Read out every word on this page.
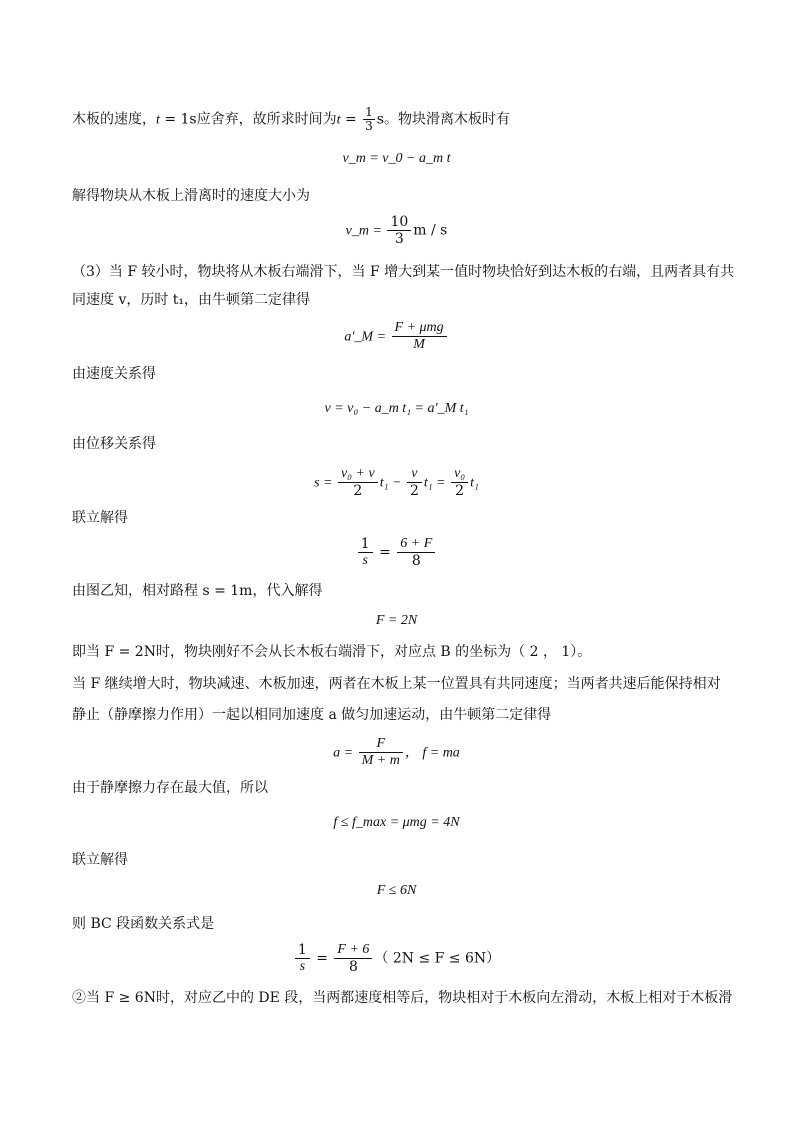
木板的速度，t = 1s应舍弃，故所求时间为$t = \frac{1}{3}$ s。物块滑离木板时有
v_m = v_0 − a_m t
解得物块从木板上滑离时的速度大小为
v_m = $\frac{10}{3}$ m / s
（3）当 F 较小时，物块将从木板右端滑下，当 F 增大到某一值时物块恰好到达木板的右端，且两者具有共
同速度 v，历时 t₁，由牛顿第二定律得
a′_M = $\frac{\text{F + μmg}}{M}$
由速度关系得
v = v₀ − a_m t₁ = a′_M t₁
由位移关系得
$s = \frac{\text{v₀ + v}}{2} t_1 - \frac{v}{2} t_1 = \frac{\text{v₀}}{2} t_1$
联立解得
$\frac{1}{s} = \frac{6 + F}{8}$
由图乙知，相对路程 s = 1m，代入解得
F = 2N
即当 F = 2N时，物块刚好不会从长木板右端滑下，对应点 B 的坐标为（ 2 ， 1）。
当 F 继续增大时，物块减速、木板加速，两者在木板上某一位置具有共同速度；当两者共速后能保持相对
静止（静摩擦力作用）一起以相同加速度 a 做匀加速运动，由牛顿第二定律得
$a = \frac{F}{M + m}$ ， f = ma
由于静摩擦力存在最大值，所以
f ≤ f_max = μmg = 4N
联立解得
F ≤ 6N
则 BC 段函数关系式是
$\frac{1}{s} = \frac{F + 6}{8}$ （ 2N ≤ F ≤ 6N）
②当 F ≥ 6N时，对应乙中的 DE 段，当两都速度相等后，物块相对于木板向左滑动，木板上相对于木板滑
